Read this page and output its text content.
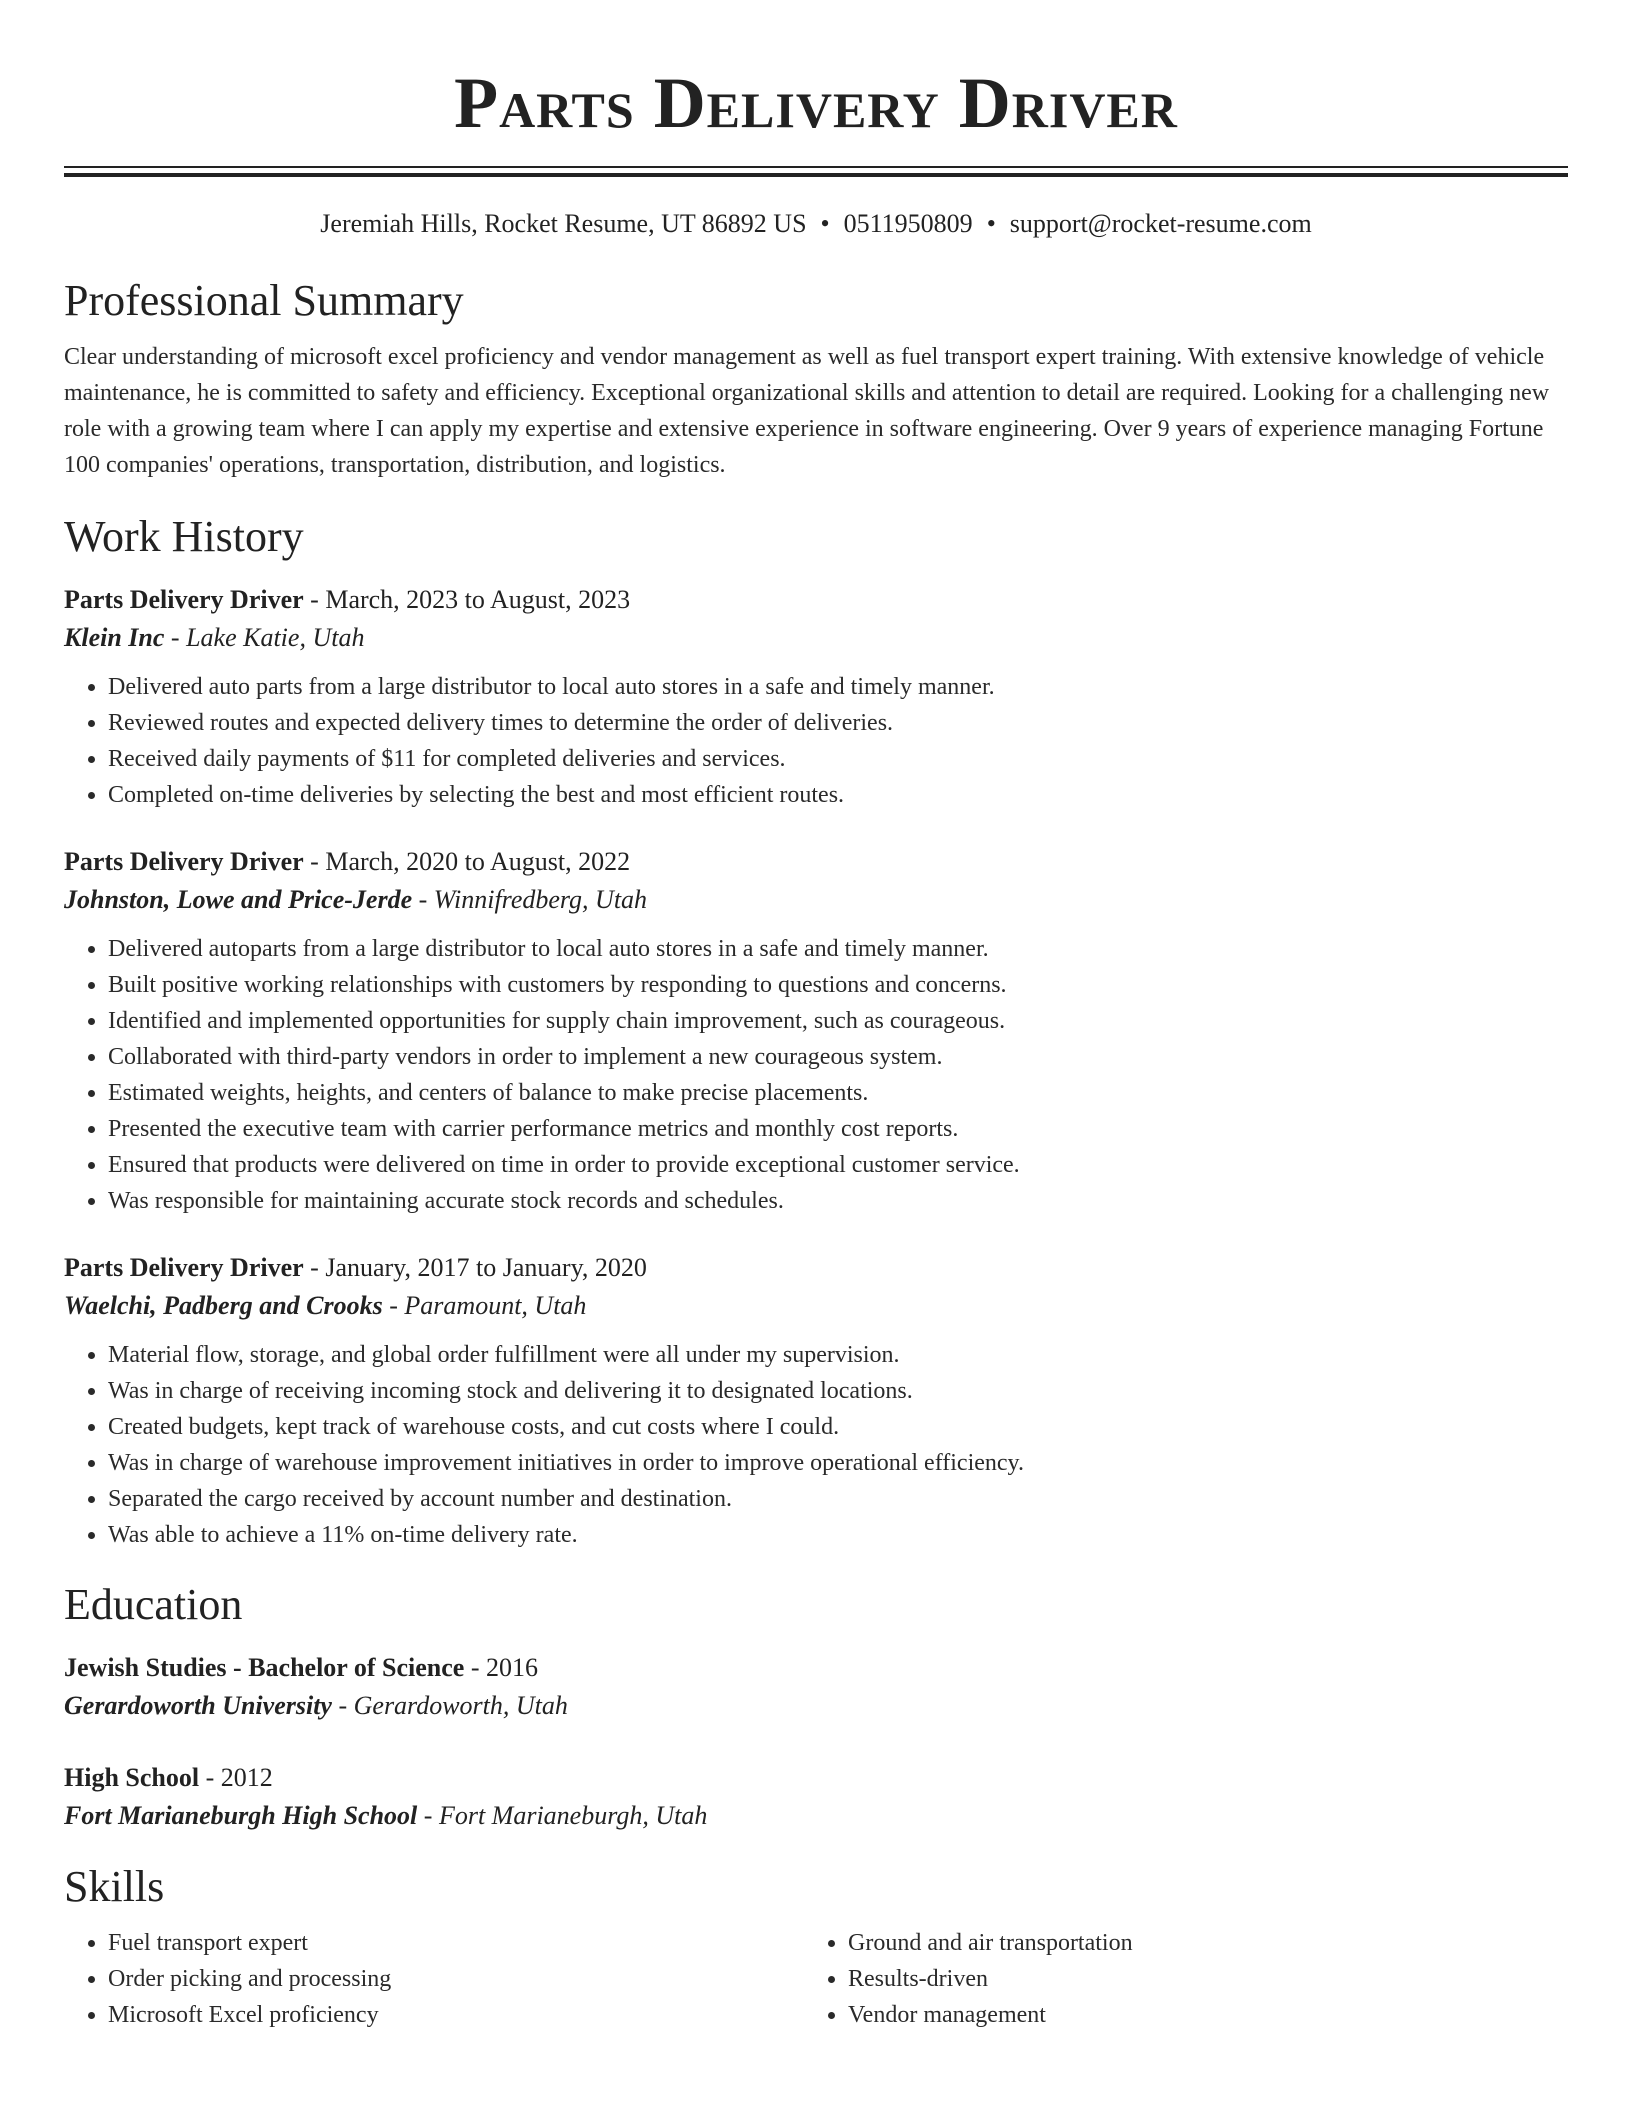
Parts Delivery Driver
Jeremiah Hills, Rocket Resume, UT 86892 US • 0511950809 • support@rocket-resume.com
Professional Summary
Clear understanding of microsoft excel proficiency and vendor management as well as fuel transport expert training. With extensive knowledge of vehicle maintenance, he is committed to safety and efficiency. Exceptional organizational skills and attention to detail are required. Looking for a challenging new role with a growing team where I can apply my expertise and extensive experience in software engineering. Over 9 years of experience managing Fortune 100 companies' operations, transportation, distribution, and logistics.
Work History
Parts Delivery Driver - March, 2023 to August, 2023
Klein Inc - Lake Katie, Utah
• Delivered auto parts from a large distributor to local auto stores in a safe and timely manner.
• Reviewed routes and expected delivery times to determine the order of deliveries.
• Received daily payments of $11 for completed deliveries and services.
• Completed on-time deliveries by selecting the best and most efficient routes.
Parts Delivery Driver - March, 2020 to August, 2022
Johnston, Lowe and Price-Jerde - Winnifredberg, Utah
• Delivered autoparts from a large distributor to local auto stores in a safe and timely manner.
• Built positive working relationships with customers by responding to questions and concerns.
• Identified and implemented opportunities for supply chain improvement, such as courageous.
• Collaborated with third-party vendors in order to implement a new courageous system.
• Estimated weights, heights, and centers of balance to make precise placements.
• Presented the executive team with carrier performance metrics and monthly cost reports.
• Ensured that products were delivered on time in order to provide exceptional customer service.
• Was responsible for maintaining accurate stock records and schedules.
Parts Delivery Driver - January, 2017 to January, 2020
Waelchi, Padberg and Crooks - Paramount, Utah
• Material flow, storage, and global order fulfillment were all under my supervision.
• Was in charge of receiving incoming stock and delivering it to designated locations.
• Created budgets, kept track of warehouse costs, and cut costs where I could.
• Was in charge of warehouse improvement initiatives in order to improve operational efficiency.
• Separated the cargo received by account number and destination.
• Was able to achieve a 11% on-time delivery rate.
Education
Jewish Studies - Bachelor of Science - 2016
Gerardoworth University - Gerardoworth, Utah
High School - 2012
Fort Marianeburgh High School - Fort Marianeburgh, Utah
Skills
• Fuel transport expert
• Order picking and processing
• Microsoft Excel proficiency
• Ground and air transportation
• Results-driven
• Vendor management
